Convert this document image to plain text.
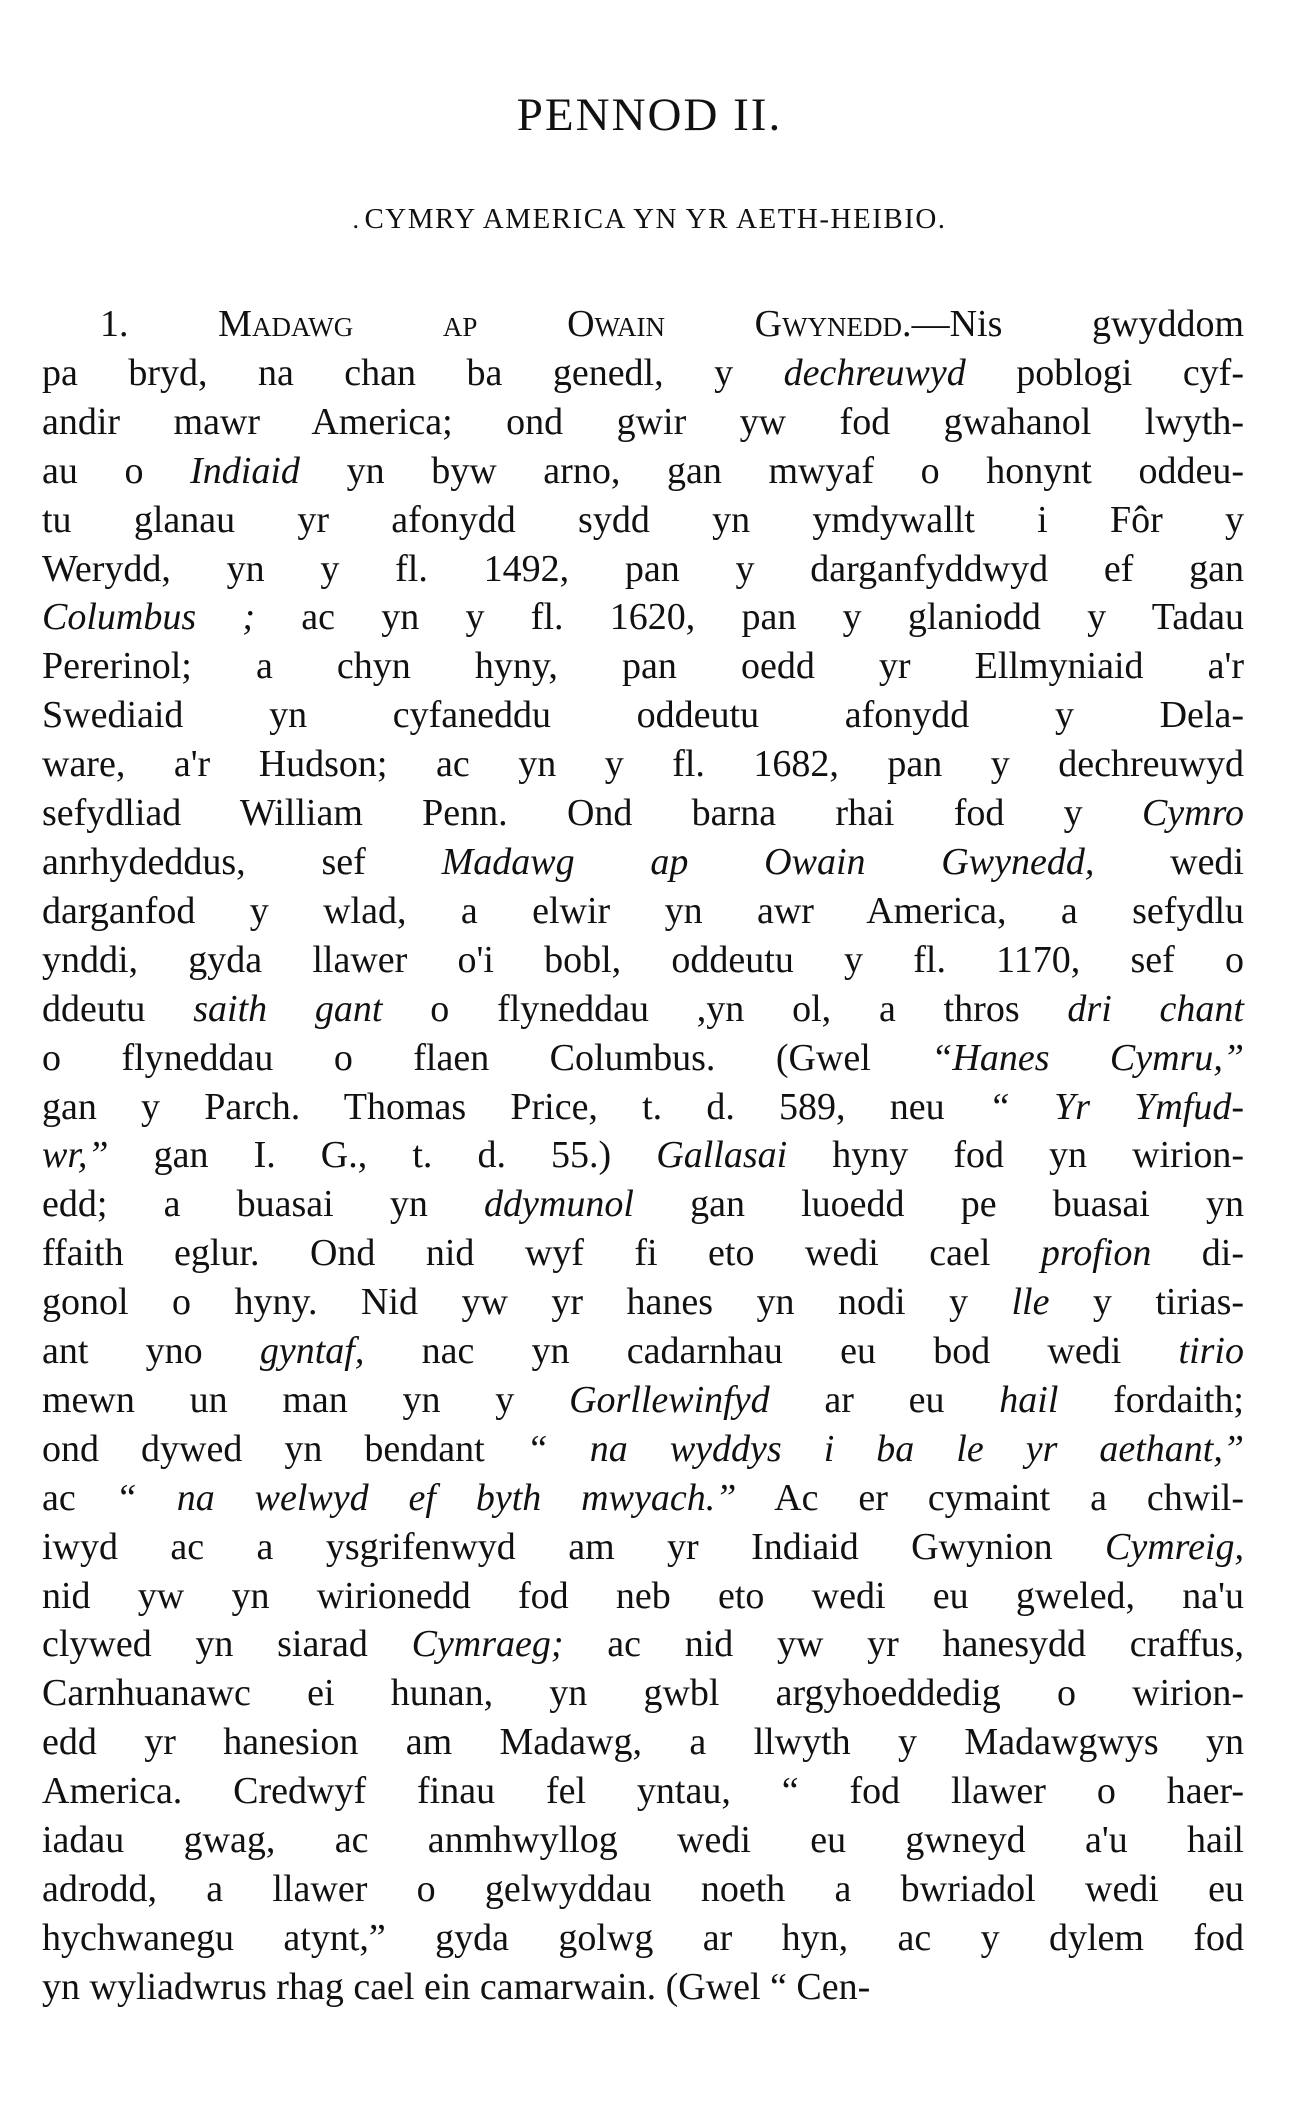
PENNOD II.
. CYMRY AMERICA YN YR AETH-HEIBIO.
1. Madawg ap Owain Gwynedd.—Nis gwyddom
pa bryd, na chan ba genedl, y dechreuwyd poblogi cyf-
andir mawr America; ond gwir yw fod gwahanol lwyth-
au o Indiaid yn byw arno, gan mwyaf o honynt oddeu-
tu glanau yr afonydd sydd yn ymdywallt i Fôr y
Werydd, yn y fl. 1492, pan y darganfyddwyd ef gan
Columbus ; ac yn y fl. 1620, pan y glaniodd y Tadau
Pererinol; a chyn hyny, pan oedd yr Ellmyniaid a'r
Swediaid yn cyfaneddu oddeutu afonydd y Dela-
ware, a'r Hudson; ac yn y fl. 1682, pan y dechreuwyd
sefydliad William Penn. Ond barna rhai fod y Cymro
anrhydeddus, sef Madawg ap Owain Gwynedd, wedi
darganfod y wlad, a elwir yn awr America, a sefydlu
ynddi, gyda llawer o'i bobl, oddeutu y fl. 1170, sef o
ddeutu saith gant o flyneddau ,yn ol, a thros dri chant
o flyneddau o flaen Columbus. (Gwel “Hanes Cymru,”
gan y Parch. Thomas Price, t. d. 589, neu “ Yr Ymfud-
wr,” gan I. G., t. d. 55.) Gallasai hyny fod yn wirion-
edd; a buasai yn ddymunol gan luoedd pe buasai yn
ffaith eglur. Ond nid wyf fi eto wedi cael profion di-
gonol o hyny. Nid yw yr hanes yn nodi y lle y tirias-
ant yno gyntaf, nac yn cadarnhau eu bod wedi tirio
mewn un man yn y Gorllewinfyd ar eu hail fordaith;
ond dywed yn bendant “ na wyddys i ba le yr aethant,”
ac “ na welwyd ef byth mwyach.” Ac er cymaint a chwil-
iwyd ac a ysgrifenwyd am yr Indiaid Gwynion Cymreig,
nid yw yn wirionedd fod neb eto wedi eu gweled, na'u
clywed yn siarad Cymraeg; ac nid yw yr hanesydd craffus,
Carnhuanawc ei hunan, yn gwbl argyhoeddedig o wirion-
edd yr hanesion am Madawg, a llwyth y Madawgwys yn
America. Credwyf finau fel yntau, “ fod llawer o haer-
iadau gwag, ac anmhwyllog wedi eu gwneyd a'u hail
adrodd, a llawer o gelwyddau noeth a bwriadol wedi eu
hychwanegu atynt,” gyda golwg ar hyn, ac y dylem fod
yn wyliadwrus rhag cael ein camarwain. (Gwel “ Cen-
